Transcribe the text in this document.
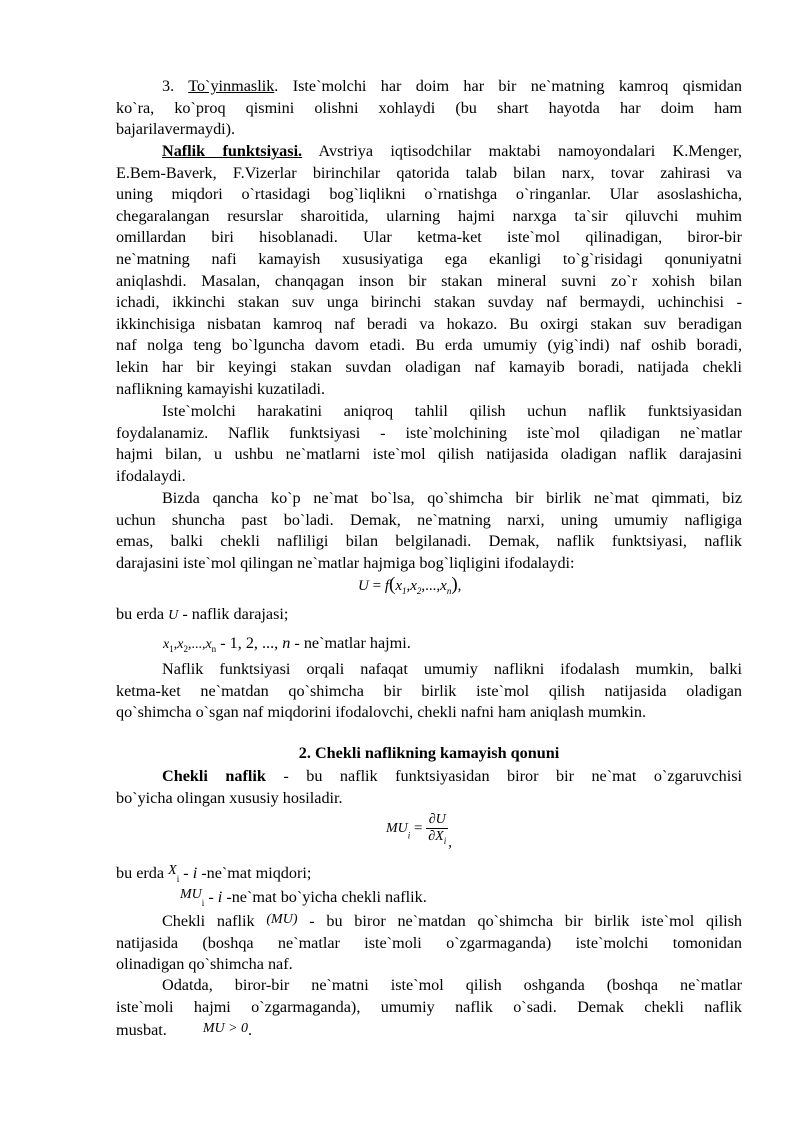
3. To`yinmaslik. Iste`molchi har doim har bir ne`matning kamroq qismidan
ko`ra, ko`proq qismini olishni xohlaydi (bu shart hayotda har doim ham
bajarilavermaydi).
Naflik funktsiyasi. Avstriya iqtisodchilar maktabi namoyondalari K.Menger,
E.Bem-Baverk, F.Vizerlar birinchilar qatorida talab bilan narx, tovar zahirasi va
uning miqdori o`rtasidagi bog`liqlikni o`rnatishga o`ringanlar. Ular asoslashicha,
chegaralangan resurslar sharoitida, ularning hajmi narxga ta`sir qiluvchi muhim
omillardan biri hisoblanadi. Ular ketma-ket iste`mol qilinadigan, biror-bir
ne`matning nafi kamayish xususiyatiga ega ekanligi to`g`risidagi qonuniyatni
aniqlashdi. Masalan, chanqagan inson bir stakan mineral suvni zo`r xohish bilan
ichadi, ikkinchi stakan suv unga birinchi stakan suvday naf bermaydi, uchinchisi -
ikkinchisiga nisbatan kamroq naf beradi va hokazo. Bu oxirgi stakan suv beradigan
naf nolga teng bo`lguncha davom etadi. Bu erda umumiy (yig`indi) naf oshib boradi,
lekin har bir keyingi stakan suvdan oladigan naf kamayib boradi, natijada chekli
naflikning kamayishi kuzatiladi.
Iste`molchi harakatini aniqroq tahlil qilish uchun naflik funktsiyasidan
foydalanamiz. Naflik funktsiyasi - iste`molchining iste`mol qiladigan ne`matlar
hajmi bilan, u ushbu ne`matlarni iste`mol qilish natijasida oladigan naflik darajasini
ifodalaydi.
Bizda qancha ko`p ne`mat bo`lsa, qo`shimcha bir birlik ne`mat qimmati, biz
uchun shuncha past bo`ladi. Demak, ne`matning narxi, uning umumiy nafligiga
emas, balki chekli nafliligi bilan belgilanadi. Demak, naflik funktsiyasi, naflik
darajasini iste`mol qilingan ne`matlar hajmiga bog`liqligini ifodalaydi:
$U = f(x_1,x_2,...,x_n)$,
bu erda U - naflik darajasi;
$x_1,x_2,...,x_n - 1$, 2, ..., n - ne`matlar hajmi.
Naflik funktsiyasi orqali nafaqat umumiy naflikni ifodalash mumkin, balki
ketma-ket ne`matdan qo`shimcha bir birlik iste`mol qilish natijasida oladigan
qo`shimcha o`sgan naf miqdorini ifodalovchi, chekli nafni ham aniqlash mumkin.
2. Chekli naflikning kamayish qonuni
Chekli naflik - bu naflik funktsiyasidan biror bir ne`mat o`zgaruvchisi
bo`yicha olingan xususiy hosiladir.
$MU_i = \frac{\partial U}{\partial X_i}$ ,
bu erda $X_i$ - i -ne`mat miqdori;
$MU_i$ - i -ne`mat bo`yicha chekli naflik.
Chekli naflik (MU) - bu biror ne`matdan qo`shimcha bir birlik iste`mol qilish
natijasida (boshqa ne`matlar iste`moli o`zgarmaganda) iste`molchi tomonidan
olinadigan qo`shimcha naf.
Odatda, biror-bir ne`matni iste`mol qilish oshganda (boshqa ne`matlar
iste`moli hajmi o`zgarmaganda), umumiy naflik o`sadi. Demak chekli naflik
musbat.	MU > 0.
